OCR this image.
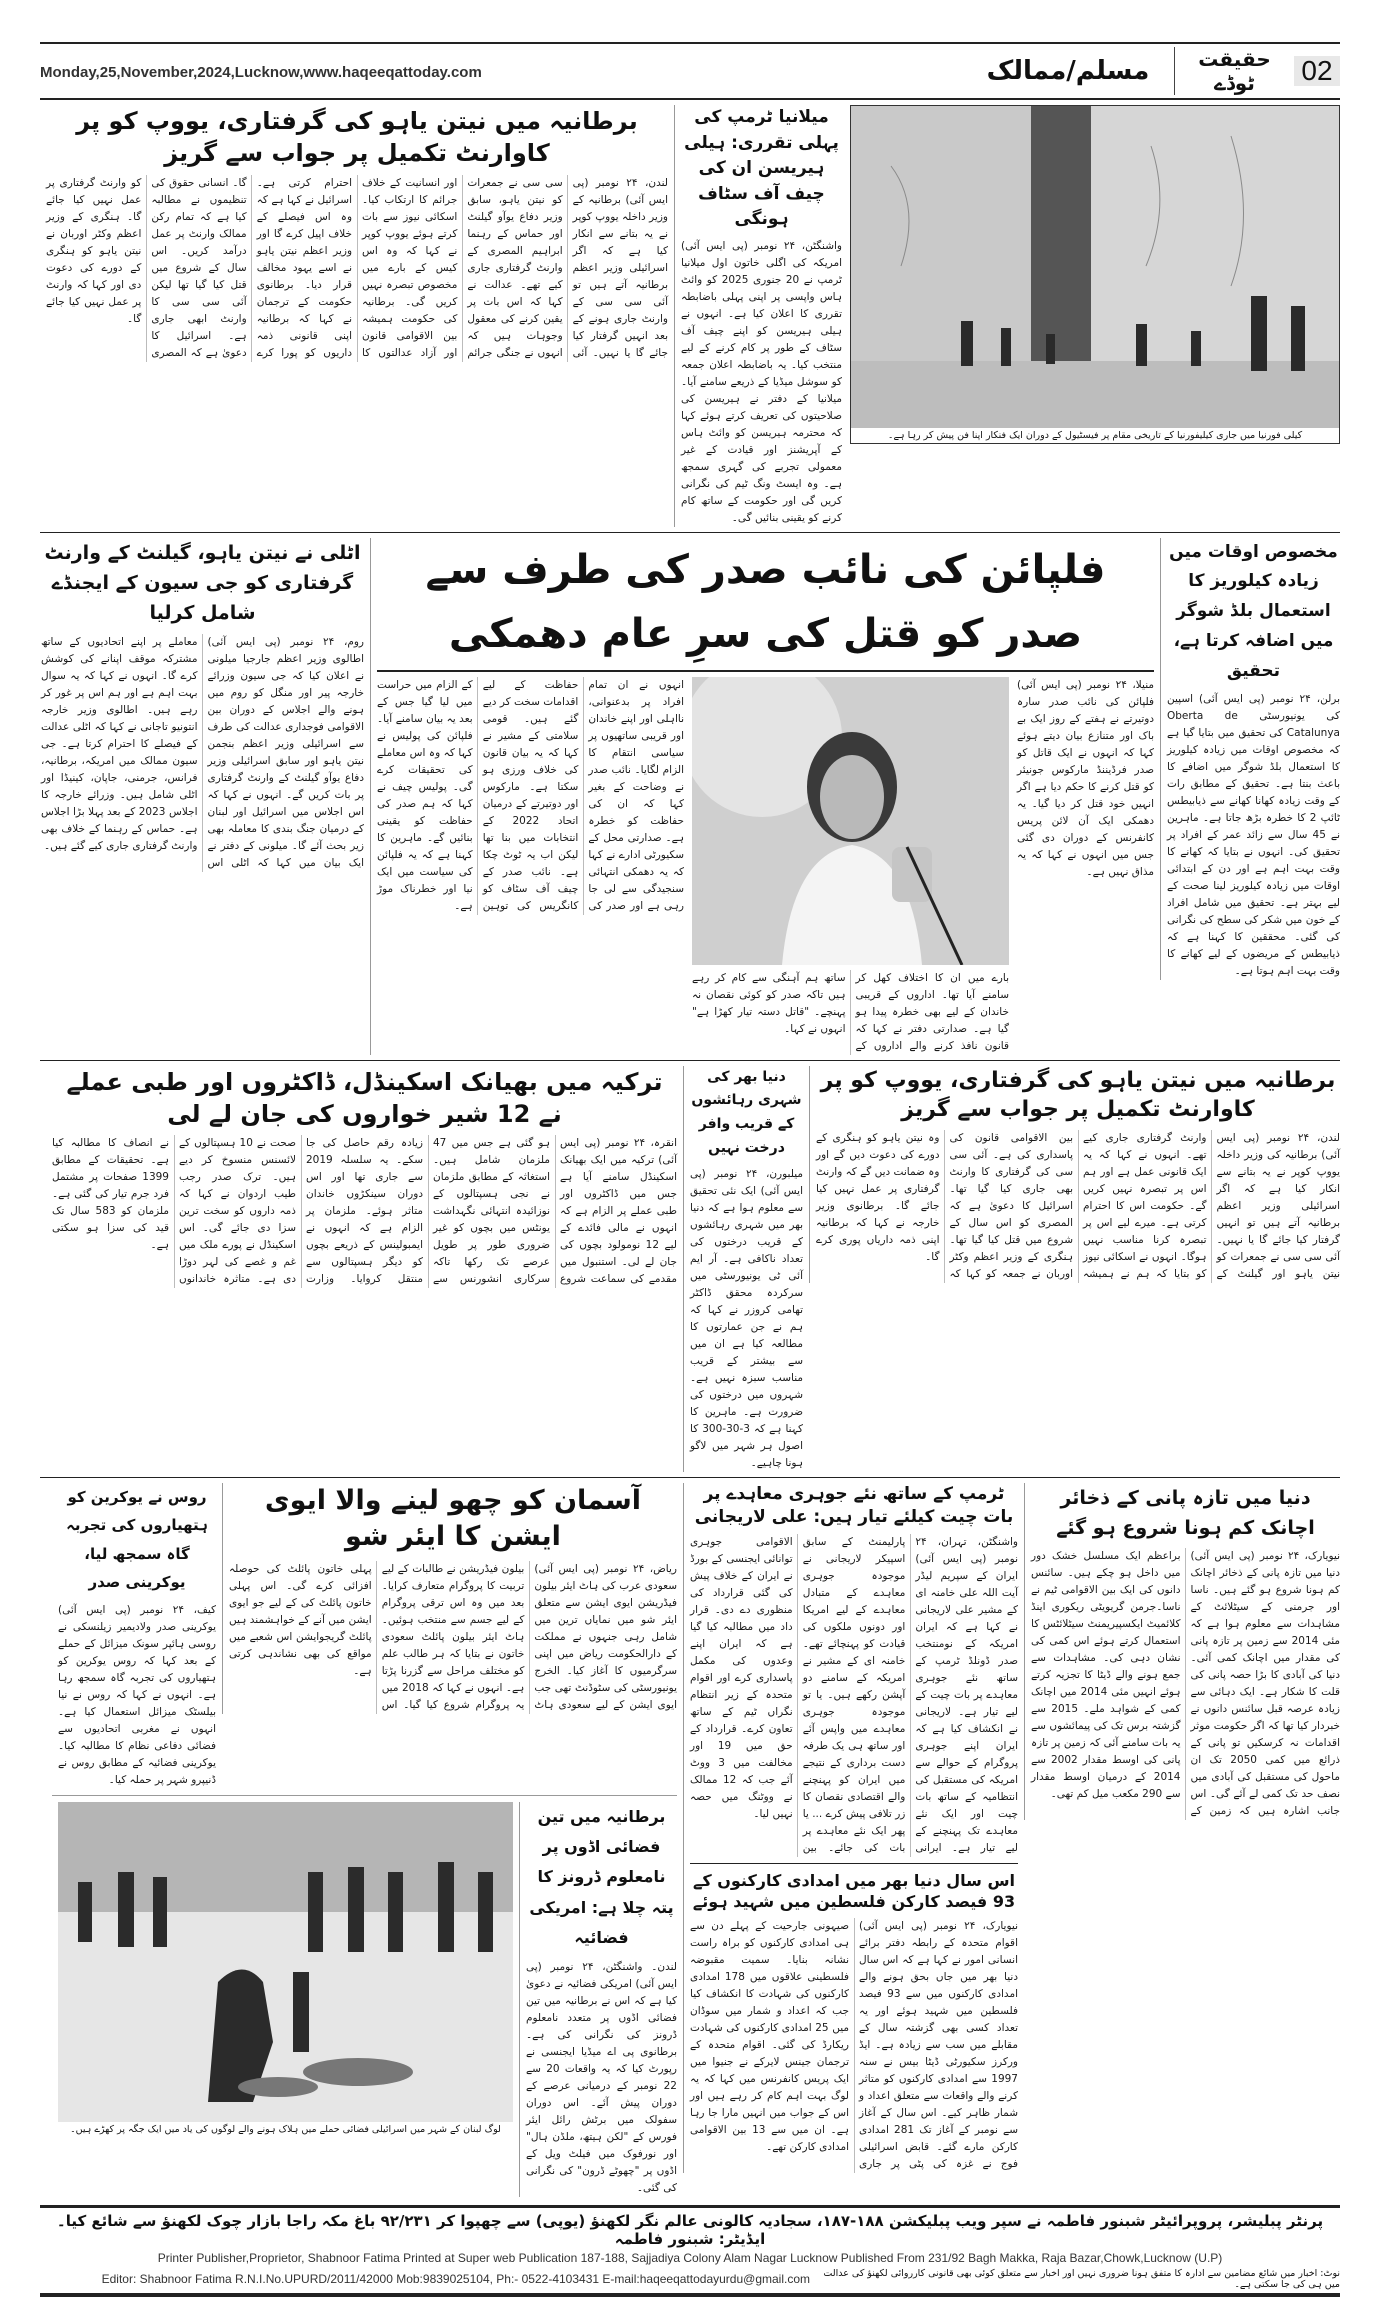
02
حقیقت ٹوڈے
مسلم/ممالک
Monday,25,November,2024,Lucknow,www.haqeeqattoday.com
کیلی فورنیا میں جاری کیلیفورنیا کے تاریخی مقام پر فیسٹیول کے دوران ایک فنکار اپنا فن پیش کر رہا ہے۔
میلانیا ٹرمپ کی پہلی تقرری: ہیلی ہیریسن ان کی چیف آف سٹاف ہونگی
واشنگٹن، ۲۴ نومبر (پی ایس آئی) امریکہ کی اگلی خاتون اول میلانیا ٹرمپ نے 20 جنوری 2025 کو وائٹ ہاس واپسی پر اپنی پہلی باضابطہ تقرری کا اعلان کیا ہے۔ انہوں نے ہیلی ہیریسن کو اپنے چیف آف سٹاف کے طور پر کام کرنے کے لیے منتخب کیا۔ یہ باضابطہ اعلان جمعہ کو سوشل میڈیا کے ذریعے سامنے آیا۔ میلانیا کے دفتر نے ہیریسن کی صلاحیتوں کی تعریف کرتے ہوئے کہا کہ محترمہ ہیریسن کو وائٹ ہاس کے آپریشنز اور قیادت کے غیر معمولی تجربے کی گہری سمجھ ہے۔ وہ ایسٹ ونگ ٹیم کی نگرانی کریں گی اور حکومت کے ساتھ کام کرنے کو یقینی بنائیں گی۔
برطانیہ میں نیتن یاہو کی گرفتاری، یووپ کو پر کاوارنٹ تکمیل پر جواب سے گریز
لندن، ۲۴ نومبر (پی ایس آئی) برطانیہ کے وزیر داخلہ یووپ کوپر نے یہ بتانے سے انکار کیا ہے کہ اگر اسرائیلی وزیر اعظم برطانیہ آتے ہیں تو آئی سی سی کے وارنٹ جاری ہونے کے بعد انہیں گرفتار کیا جائے گا یا نہیں۔ آئی سی سی نے جمعرات کو نیتن یاہو، سابق وزیر دفاع یوآو گیلنٹ اور حماس کے رہنما ابراہیم المصری کے وارنٹ گرفتاری جاری کیے تھے۔ عدالت نے کہا کہ اس بات پر یقین کرنے کی معقول وجوہات ہیں کہ انہوں نے جنگی جرائم اور انسانیت کے خلاف جرائم کا ارتکاب کیا۔ اسکائی نیوز سے بات کرتے ہوئے یووپ کوپر نے کہا کہ وہ اس کیس کے بارے میں مخصوص تبصرہ نہیں کریں گی۔ برطانیہ کی حکومت ہمیشہ بین الاقوامی قانون اور آزاد عدالتوں کا احترام کرتی ہے۔ اسرائیل نے کہا ہے کہ وہ اس فیصلے کے خلاف اپیل کرے گا اور وزیر اعظم نیتن یاہو نے اسے یہود مخالف قرار دیا۔ برطانوی حکومت کے ترجمان نے کہا کہ برطانیہ اپنی قانونی ذمہ داریوں کو پورا کرے گا۔ انسانی حقوق کی تنظیموں نے مطالبہ کیا ہے کہ تمام رکن ممالک وارنٹ پر عمل درآمد کریں۔ اس سال کے شروع میں قتل کیا گیا تھا لیکن آئی سی سی کا وارنٹ ابھی جاری ہے۔ اسرائیل کا دعویٰ ہے کہ المصری کو وارنٹ گرفتاری پر عمل نہیں کیا جائے گا۔ ہنگری کے وزیر اعظم وکٹر اوربان نے نیتن یاہو کو ہنگری کے دورے کی دعوت دی اور کہا کہ وارنٹ پر عمل نہیں کیا جائے گا۔
مخصوص اوقات میں زیادہ کیلوریز کا استعمال بلڈ شوگر میں اضافہ کرتا ہے، تحقیق
برلن، ۲۴ نومبر (پی ایس آئی) اسپین کی یونیورسٹی Oberta de Catalunya کی تحقیق میں بتایا گیا ہے کہ مخصوص اوقات میں زیادہ کیلوریز کا استعمال بلڈ شوگر میں اضافے کا باعث بنتا ہے۔ تحقیق کے مطابق رات کے وقت زیادہ کھانا کھانے سے ذیابیطس ٹائپ 2 کا خطرہ بڑھ جاتا ہے۔ ماہرین نے 45 سال سے زائد عمر کے افراد پر تحقیق کی۔ انہوں نے بتایا کہ کھانے کا وقت بہت اہم ہے اور دن کے ابتدائی اوقات میں زیادہ کیلوریز لینا صحت کے لیے بہتر ہے۔ تحقیق میں شامل افراد کے خون میں شکر کی سطح کی نگرانی کی گئی۔ محققین کا کہنا ہے کہ ذیابیطس کے مریضوں کے لیے کھانے کا وقت بہت اہم ہوتا ہے۔
فلپائن کی نائب صدر کی طرف سے صدر کو قتل کی سرِ عام دھمکی
منیلا، ۲۴ نومبر (پی ایس آئی) فلپائن کی نائب صدر سارہ دوتیرتے نے ہفتے کے روز ایک بے باک اور متنازع بیان دیتے ہوئے کہا کہ انہوں نے ایک قاتل کو صدر فرڈیننڈ مارکوس جونیئر کو قتل کرنے کا حکم دیا ہے اگر انہیں خود قتل کر دیا گیا۔ یہ دھمکی ایک آن لائن پریس کانفرنس کے دوران دی گئی جس میں انہوں نے کہا کہ یہ مذاق نہیں ہے۔
بارے میں ان کا اختلاف کھل کر سامنے آیا تھا۔ اداروں کے قریبی خاندان کے لیے بھی خطرہ پیدا ہو گیا ہے۔ صدارتی دفتر نے کہا کہ قانون نافذ کرنے والے اداروں کے ساتھ ہم آہنگی سے کام کر رہے ہیں تاکہ صدر کو کوئی نقصان نہ پہنچے۔ "قاتل دستہ تیار کھڑا ہے" انہوں نے کہا۔
انہوں نے ان تمام افراد پر بدعنوانی، نااہلی اور اپنے خاندان اور قریبی ساتھیوں پر سیاسی انتقام کا الزام لگایا۔ نائب صدر نے وضاحت کے بغیر کہا کہ ان کی حفاظت کو خطرہ ہے۔ صدارتی محل کے سکیورٹی ادارے نے کہا کہ یہ دھمکی انتہائی سنجیدگی سے لی جا رہی ہے اور صدر کی حفاظت کے لیے اقدامات سخت کر دیے گئے ہیں۔ قومی سلامتی کے مشیر نے کہا کہ یہ بیان قانون کی خلاف ورزی ہو سکتا ہے۔ مارکوس اور دوتیرتے کے درمیان اتحاد 2022 کے انتخابات میں بنا تھا لیکن اب یہ ٹوٹ چکا ہے۔ نائب صدر کے چیف آف سٹاف کو کانگریس کی توہین کے الزام میں حراست میں لیا گیا جس کے بعد یہ بیان سامنے آیا۔ فلپائن کی پولیس نے کہا کہ وہ اس معاملے کی تحقیقات کرے گی۔ پولیس چیف نے کہا کہ ہم صدر کی حفاظت کو یقینی بنائیں گے۔ ماہرین کا کہنا ہے کہ یہ فلپائن کی سیاست میں ایک نیا اور خطرناک موڑ ہے۔
اٹلی نے نیتن یاہو، گیلنٹ کے وارنٹ گرفتاری کو جی سیون کے ایجنڈے شامل کرلیا
روم، ۲۴ نومبر (پی ایس آئی) اطالوی وزیر اعظم جارجیا میلونی نے اعلان کیا کہ جی سیون وزرائے خارجہ پیر اور منگل کو روم میں ہونے والے اجلاس کے دوران بین الاقوامی فوجداری عدالت کی طرف سے اسرائیلی وزیر اعظم بنجمن نیتن یاہو اور سابق اسرائیلی وزیر دفاع یوآو گیلنٹ کے وارنٹ گرفتاری پر بات کریں گے۔ انہوں نے کہا کہ اس اجلاس میں اسرائیل اور لبنان کے درمیان جنگ بندی کا معاملہ بھی زیر بحث آئے گا۔ میلونی کے دفتر نے ایک بیان میں کہا کہ اٹلی اس معاملے پر اپنے اتحادیوں کے ساتھ مشترکہ موقف اپنانے کی کوشش کرے گا۔ انہوں نے کہا کہ یہ سوال بہت اہم ہے اور ہم اس پر غور کر رہے ہیں۔ اطالوی وزیر خارجہ انتونیو تاجانی نے کہا کہ اٹلی عدالت کے فیصلے کا احترام کرتا ہے۔ جی سیون ممالک میں امریکہ، برطانیہ، فرانس، جرمنی، جاپان، کینیڈا اور اٹلی شامل ہیں۔ وزرائے خارجہ کا اجلاس 2023 کے بعد پہلا بڑا اجلاس ہے۔ حماس کے رہنما کے خلاف بھی وارنٹ گرفتاری جاری کیے گئے ہیں۔
برطانیہ میں نیتن یاہو کی گرفتاری، یووپ کو پر کاوارنٹ تکمیل پر جواب سے گریز
لندن، ۲۴ نومبر (پی ایس آئی) برطانیہ کی وزیر داخلہ یووپ کوپر نے یہ بتانے سے انکار کیا ہے کہ اگر اسرائیلی وزیر اعظم برطانیہ آتے ہیں تو انہیں گرفتار کیا جائے گا یا نہیں۔ آئی سی سی نے جمعرات کو نیتن یاہو اور گیلنٹ کے وارنٹ گرفتاری جاری کیے تھے۔ انہوں نے کہا کہ یہ ایک قانونی عمل ہے اور ہم اس پر تبصرہ نہیں کریں گے۔ حکومت اس کا احترام کرتی ہے۔ میرے لیے اس پر تبصرہ کرنا مناسب نہیں ہوگا۔ انہوں نے اسکائی نیوز کو بتایا کہ ہم نے ہمیشہ بین الاقوامی قانون کی پاسداری کی ہے۔ آئی سی سی کی گرفتاری کا وارنٹ بھی جاری کیا گیا تھا۔ اسرائیل کا دعویٰ ہے کہ المصری کو اس سال کے شروع میں قتل کیا گیا تھا۔ ہنگری کے وزیر اعظم وکٹر اوربان نے جمعہ کو کہا کہ وہ نیتن یاہو کو ہنگری کے دورے کی دعوت دیں گے اور وہ ضمانت دیں گے کہ وارنٹ گرفتاری پر عمل نہیں کیا جائے گا۔ برطانوی وزیر خارجہ نے کہا کہ برطانیہ اپنی ذمہ داریاں پوری کرے گا۔
دنیا بھر کی شہری رہائشوں کے قریب وافر درخت نہیں
میلبورن، ۲۴ نومبر (پی ایس آئی) ایک نئی تحقیق سے معلوم ہوا ہے کہ دنیا بھر میں شہری رہائشوں کے قریب درختوں کی تعداد ناکافی ہے۔ آر ایم آئی ٹی یونیورسٹی میں سرکردہ محقق ڈاکٹر تھامی کروزر نے کہا کہ ہم نے جن عمارتوں کا مطالعہ کیا ہے ان میں سے بیشتر کے قریب مناسب سبزہ نہیں ہے۔ شہروں میں درختوں کی ضرورت ہے۔ ماہرین کا کہنا ہے کہ 3-30-300 کا اصول ہر شہر میں لاگو ہونا چاہیے۔
ترکیہ میں بھیانک اسکینڈل، ڈاکٹروں اور طبی عملے نے 12 شیر خواروں کی جان لے لی
انقرہ، ۲۴ نومبر (پی ایس آئی) ترکیہ میں ایک بھیانک اسکینڈل سامنے آیا ہے جس میں ڈاکٹروں اور طبی عملے پر الزام ہے کہ انہوں نے مالی فائدے کے لیے 12 نومولود بچوں کی جان لے لی۔ استنبول میں مقدمے کی سماعت شروع ہو گئی ہے جس میں 47 ملزمان شامل ہیں۔ استغاثہ کے مطابق ملزمان نے نجی ہسپتالوں کے نوزائیدہ انتہائی نگہداشت یونٹس میں بچوں کو غیر ضروری طور پر طویل عرصے تک رکھا تاکہ سرکاری انشورنس سے زیادہ رقم حاصل کی جا سکے۔ یہ سلسلہ 2019 سے جاری تھا اور اس دوران سینکڑوں خاندان متاثر ہوئے۔ ملزمان پر الزام ہے کہ انہوں نے ایمبولینس کے ذریعے بچوں کو دیگر ہسپتالوں سے منتقل کروایا۔ وزارت صحت نے 10 ہسپتالوں کے لائسنس منسوخ کر دیے ہیں۔ ترک صدر رجب طیب اردوان نے کہا کہ ذمہ داروں کو سخت ترین سزا دی جائے گی۔ اس اسکینڈل نے پورے ملک میں غم و غصے کی لہر دوڑا دی ہے۔ متاثرہ خاندانوں نے انصاف کا مطالبہ کیا ہے۔ تحقیقات کے مطابق 1399 صفحات پر مشتمل فرد جرم تیار کی گئی ہے۔ ملزمان کو 583 سال تک قید کی سزا ہو سکتی ہے۔
دنیا میں تازہ پانی کے ذخائر اچانک کم ہونا شروع ہو گئے
نیویارک، ۲۴ نومبر (پی ایس آئی) دنیا میں تازہ پانی کے ذخائر اچانک کم ہونا شروع ہو گئے ہیں۔ ناسا اور جرمنی کے سیٹلائٹ کے مشاہدات سے معلوم ہوا ہے کہ مئی 2014 سے زمین پر تازہ پانی کی مقدار میں اچانک کمی آئی۔ دنیا کی آبادی کا بڑا حصہ پانی کی قلت کا شکار ہے۔ ایک دہائی سے زیادہ عرصہ قبل سائنس دانوں نے خبردار کیا تھا کہ اگر حکومت موثر اقدامات نہ کرسکیں تو پانی کے ذرائع میں کمی 2050 تک ان ماحول کی مستقبل کی آبادی میں نصف حد تک کمی لے آئے گی۔ اس جانب اشارہ ہیں کہ زمین کے براعظم ایک مسلسل خشک دور میں داخل ہو چکے ہیں۔ سائنس دانوں کی ایک بین الاقوامی ٹیم نے ناسا۔جرمن گریویٹی ریکوری اینڈ کلائمیٹ ایکسپیریمنٹ سیٹلائٹس کا استعمال کرتے ہوئے اس کمی کی نشان دہی کی۔ مشاہدات سے جمع ہونے والے ڈیٹا کا تجزیہ کرتے ہوئے انہیں مئی 2014 میں اچانک کمی کے شواہد ملے۔ 2015 سے گزشتہ برس تک کی پیمائشوں سے یہ بات سامنے آئی کہ زمین پر تازہ پانی کی اوسط مقدار 2002 سے 2014 کے درمیان اوسط مقدار سے 290 مکعب میل کم تھی۔
ٹرمپ کے ساتھ نئے جوہری معاہدے پر بات چیت کیلئے تیار ہیں: علی لاریجانی
واشنگٹن، تہران، ۲۴ نومبر (پی ایس آئی) ایران کے سپریم لیڈر آیت اللہ علی خامنہ ای کے مشیر علی لاریجانی نے کہا ہے کہ ایران امریکہ کے نومنتخب صدر ڈونلڈ ٹرمپ کے ساتھ نئے جوہری معاہدے پر بات چیت کے لیے تیار ہے۔ لاریجانی نے انکشاف کیا ہے کہ ایران اپنے جوہری پروگرام کے حوالے سے امریکہ کی مستقبل کی انتظامیہ کے ساتھ بات چیت اور ایک نئے معاہدے تک پہنچنے کے لیے تیار ہے۔ ایرانی پارلیمنٹ کے سابق اسپیکر لاریجانی نے موجودہ جوہری معاہدے کے متبادل معاہدے کے لیے امریکا اور دونوں ملکوں کی قیادت کو پہنچائے تھے۔ خامنہ ای کے مشیر نے امریکہ کے سامنے دو آپشن رکھے ہیں۔ یا تو موجودہ جوہری معاہدے میں واپس آئے اور ساتھ ہی یک طرفہ دست برداری کے نتیجے میں ایران کو پہنچنے والے اقتصادی نقصان کا زر تلافی پیش کرے ... یا پھر ایک نئے معاہدے پر بات کی جائے۔ بین الاقوامی جوہری توانائی ایجنسی کے بورڈ نے ایران کے خلاف پیش کی گئی قرارداد کی منظوری دے دی۔ قرار داد میں مطالبہ کیا گیا ہے کہ ایران اپنے وعدوں کی مکمل پاسداری کرے اور اقوام متحدہ کے زیر انتظام نگراں ٹیم کے ساتھ تعاون کرے۔ قرارداد کے حق میں 19 اور مخالفت میں 3 ووٹ آئے جب کہ 12 ممالک نے ووٹنگ میں حصہ نہیں لیا۔
اس سال دنیا بھر میں امدادی کارکنوں کے 93 فیصد کارکن فلسطین میں شہید ہوئے
نیویارک، ۲۴ نومبر (پی ایس آئی) اقوام متحدہ کے رابطہ دفتر برائے انسانی امور نے کہا ہے کہ اس سال دنیا بھر میں جاں بحق ہونے والے امدادی کارکنوں میں سے 93 فیصد فلسطین میں شہید ہوئے اور یہ تعداد کسی بھی گزشتہ سال کے مقابلے میں سب سے زیادہ ہے۔ ایڈ ورکرز سکیورٹی ڈیٹا بیس نے سنہ 1997 سے امدادی کارکنوں کو متاثر کرنے والے واقعات سے متعلق اعداد و شمار ظاہر کیے۔ اس سال کے آغاز سے نومبر کے آغاز تک 281 امدادی کارکن مارے گئے۔ قابض اسرائیلی فوج نے غزہ کی پٹی پر جاری صیہونی جارحیت کے پہلے دن سے ہی امدادی کارکنوں کو براہ راست نشانہ بنایا۔ سمیت مقبوضہ فلسطینی علاقوں میں 178 امدادی کارکنوں کی شہادت کا انکشاف کیا جب کہ اعداد و شمار میں سوڈان میں 25 امدادی کارکنوں کی شہادت ریکارڈ کی گئی۔ اقوام متحدہ کے ترجمان جینس لایرکے نے جنیوا میں ایک پریس کانفرنس میں کہا کہ یہ لوگ بہت اہم کام کر رہے ہیں اور اس کے جواب میں انہیں مارا جا رہا ہے۔ ان میں سے 13 بین الاقوامی امدادی کارکن تھے۔
آسمان کو چھو لینے والا ایوی ایشن کا ایئر شو
ریاض، ۲۴ نومبر (پی ایس آئی) سعودی عرب کی ہاٹ ایئر بیلون فیڈریشن ایوی ایشن سے متعلق ایئر شو میں نمایاں ترین میں شامل رہی جنہوں نے مملکت کے دارالحکومت ریاض میں اپنی سرگرمیوں کا آغاز کیا۔ الخرج یونیورسٹی کی سٹوڈنٹ تھی جب ایوی ایشن کے لیے سعودی ہاٹ بیلون فیڈریشن نے طالبات کے لیے تربیت کا پروگرام متعارف کرایا۔ بعد میں وہ اس ترقی پروگرام کے لیے جسم سے منتخب ہوئیں۔ ہاٹ ایئر بیلون پائلٹ سعودی خاتون نے بتایا کہ ہر طالب علم کو مختلف مراحل سے گزرنا پڑتا ہے۔ انہوں نے کہا کہ 2018 میں یہ پروگرام شروع کیا گیا۔ اس پہلی خاتون پائلٹ کی حوصلہ افزائی کرے گی۔ اس پہلی خاتون پائلٹ کی کے لیے جو ایوی ایشن میں آنے کے خواہشمند ہیں پائلٹ گریجوایشن اس شعبے میں مواقع کی بھی نشاندہی کرتی ہے۔
روس نے یوکرین کو ہتھیاروں کی تجربہ گاہ سمجھ لیا، یوکرینی صدر
کیف، ۲۴ نومبر (پی ایس آئی) یوکرینی صدر ولادیمیر زیلنسکی نے روسی ہائپر سونک میزائل کے حملے کے بعد کہا کہ روس یوکرین کو ہتھیاروں کی تجربہ گاہ سمجھ رہا ہے۔ انہوں نے کہا کہ روس نے نیا بیلسٹک میزائل استعمال کیا ہے۔ انہوں نے مغربی اتحادیوں سے فضائی دفاعی نظام کا مطالبہ کیا۔ یوکرینی فضائیہ کے مطابق روس نے ڈنیپرو شہر پر حملہ کیا۔
برطانیہ میں تین فضائی اڈوں پر نامعلوم ڈرونز کا پتہ چلا ہے: امریکی فضائیہ
لندن۔ واشنگٹن، ۲۴ نومبر (پی ایس آئی) امریکی فضائیہ نے دعویٰ کیا ہے کہ اس نے برطانیہ میں تین فضائی اڈوں پر متعدد نامعلوم ڈرونز کی نگرانی کی ہے۔ برطانوی پی اے میڈیا ایجنسی نے رپورٹ کیا کہ یہ واقعات 20 سے 22 نومبر کے درمیانی عرصے کے دوران پیش آئے۔ اس دوران سفولک میں برٹش رائل ایئر فورس کے "لکن ہیتھ، ملڈن ہال" اور نورفوک میں فیلٹ ویل کے اڈوں پر "چھوٹے ڈرون" کی نگرانی کی گئی۔
لوگ لبنان کے شہر میں اسرائیلی فضائی حملے میں ہلاک ہونے والے لوگوں کی یاد میں ایک جگہ پر کھڑے ہیں۔
پرنٹر پبلیشر، پروپرائیٹر شبنور فاطمہ نے سپر ویب پبلیکشن ۱۸۸-۱۸۷، سجادیہ کالونی عالم نگر لکھنؤ (یوپی) سے چھپوا کر ۹۲/۲۳۱ باغ مکہ راجا بازار چوک لکھنؤ سے شائع کیا۔ ایڈیٹر: شبنور فاطمہ
Printer Publisher,Proprietor, Shabnoor Fatima Printed at Super web Publication 187-188, Sajjadiya Colony Alam Nagar Lucknow Published From 231/92 Bagh Makka, Raja Bazar,Chowk,Lucknow (U.P)
نوٹ: اخبار میں شائع مضامین سے ادارہ کا متفق ہونا ضروری نہیں اور اخبار سے متعلق کوئی بھی قانونی کارروائی لکھنؤ کی عدالت میں ہی کی جا سکتی ہے۔
Editor: Shabnoor Fatima R.N.I.No.UPURD/2011/42000 Mob:9839025104, Ph:- 0522-4103431 E-mail:haqeeqattodayurdu@gmail.com
